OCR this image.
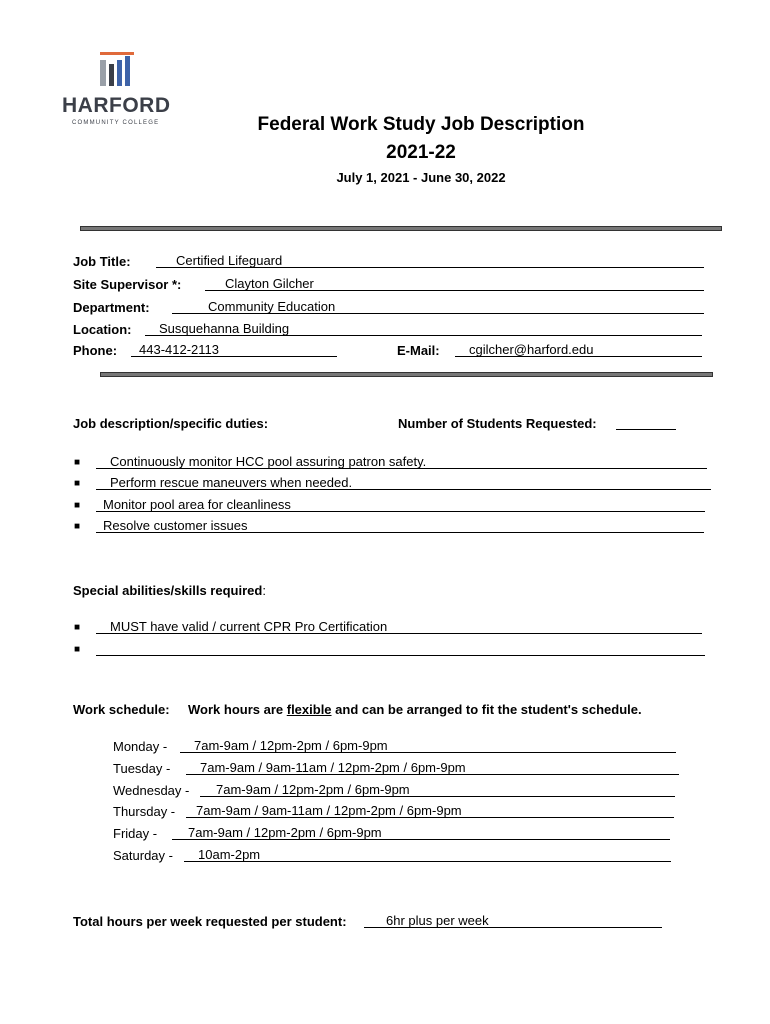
HARFORD
COMMUNITY COLLEGE	Federal Work Study Job Description
2021-22
July 1, 2021 - June 30, 2022
Job Title:	Certified Lifeguard
Site Supervisor *:	Clayton Gilcher
Department:	Community Education
Location:	Susquehanna Building
Phone:	443-412-2113	E-Mail:	cgilcher@harford.edu
Job description/specific duties:	Number of Students Requested:
■	Continuously monitor HCC pool assuring patron safety.
■	Perform rescue maneuvers when needed.
■	Monitor pool area for cleanliness
■	Resolve customer issues
Special abilities/skills required:
■	MUST have valid / current CPR Pro Certification
■
Work schedule: Work hours are flexible and can be arranged to fit the student's schedule.
Monday -	7am-9am / 12pm-2pm / 6pm-9pm
Tuesday -	7am-9am / 9am-11am / 12pm-2pm / 6pm-9pm
Wednesday -	7am-9am / 12pm-2pm / 6pm-9pm
Thursday -	7am-9am / 9am-11am / 12pm-2pm / 6pm-9pm
Friday -	7am-9am / 12pm-2pm / 6pm-9pm
Saturday -	10am-2pm
Total hours per week requested per student:	6hr plus per week
